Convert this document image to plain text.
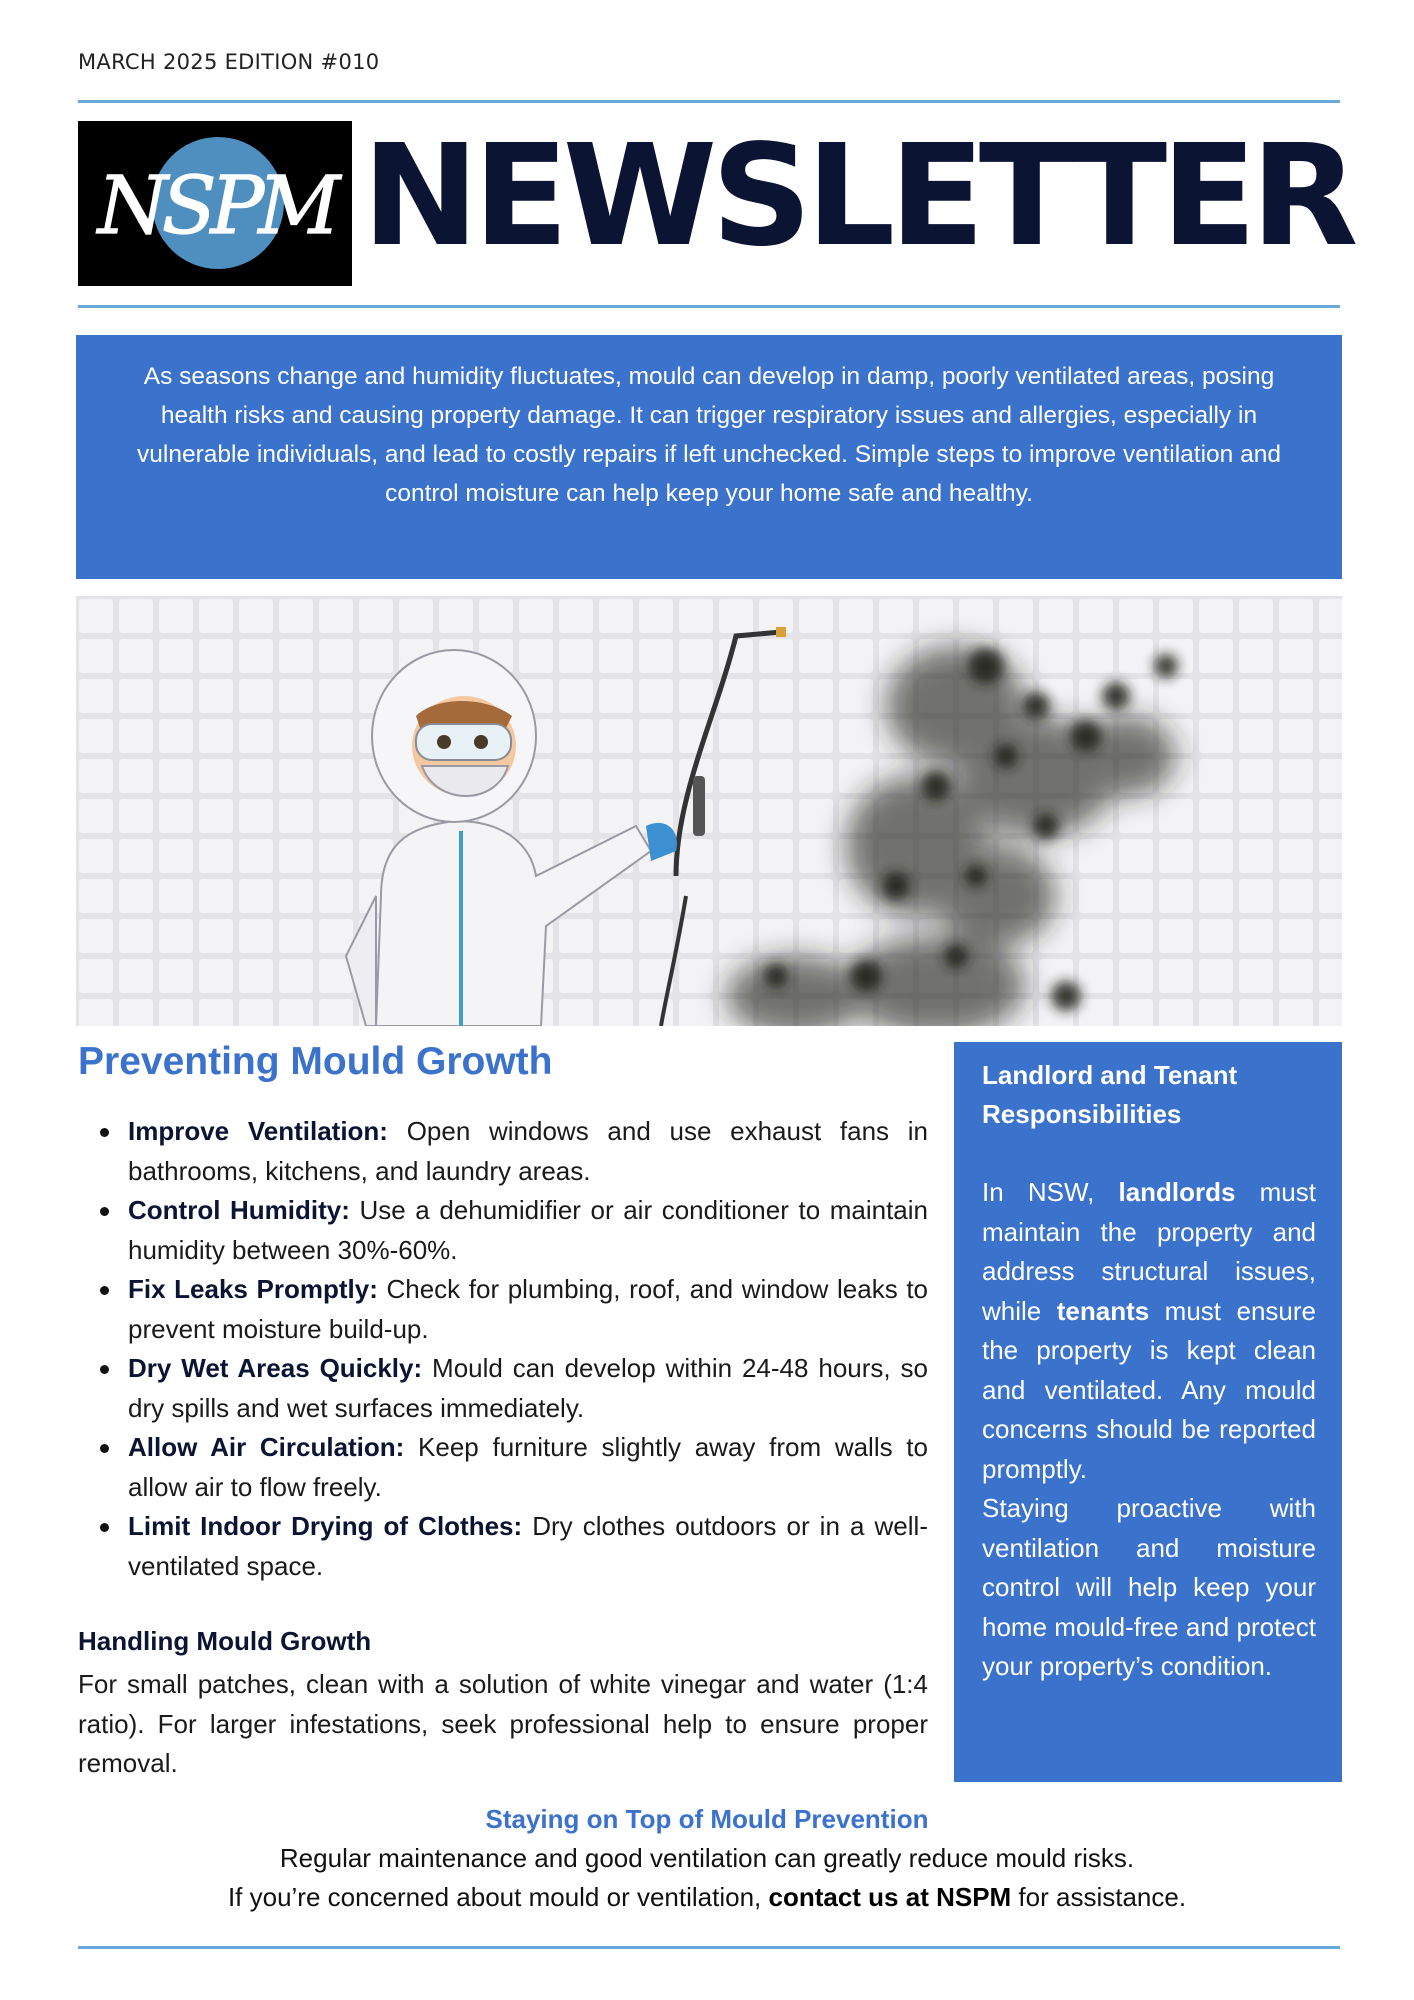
MARCH 2025 EDITION #010
NSPM NEWSLETTER
As seasons change and humidity fluctuates, mould can develop in damp, poorly ventilated areas, posing health risks and causing property damage. It can trigger respiratory issues and allergies, especially in vulnerable individuals, and lead to costly repairs if left unchecked. Simple steps to improve ventilation and control moisture can help keep your home safe and healthy.
Preventing Mould Growth
Improve Ventilation: Open windows and use exhaust fans in bathrooms, kitchens, and laundry areas.
Control Humidity: Use a dehumidifier or air conditioner to maintain humidity between 30%-60%.
Fix Leaks Promptly: Check for plumbing, roof, and window leaks to prevent moisture build-up.
Dry Wet Areas Quickly: Mould can develop within 24-48 hours, so dry spills and wet surfaces immediately.
Allow Air Circulation: Keep furniture slightly away from walls to allow air to flow freely.
Limit Indoor Drying of Clothes: Dry clothes outdoors or in a well-ventilated space.
Handling Mould Growth

For small patches, clean with a solution of white vinegar and water (1:4 ratio). For larger infestations, seek professional help to ensure proper removal.

Landlord and Tenant Responsibilities
In NSW, landlords must maintain the property and address structural issues, while tenants must ensure the property is kept clean and ventilated. Any mould concerns should be reported promptly.
Staying proactive with ventilation and moisture control will help keep your home mould-free and protect your property’s condition.
Staying on Top of Mould Prevention
Regular maintenance and good ventilation can greatly reduce mould risks.
If you’re concerned about mould or ventilation, contact us at NSPM for assistance.
